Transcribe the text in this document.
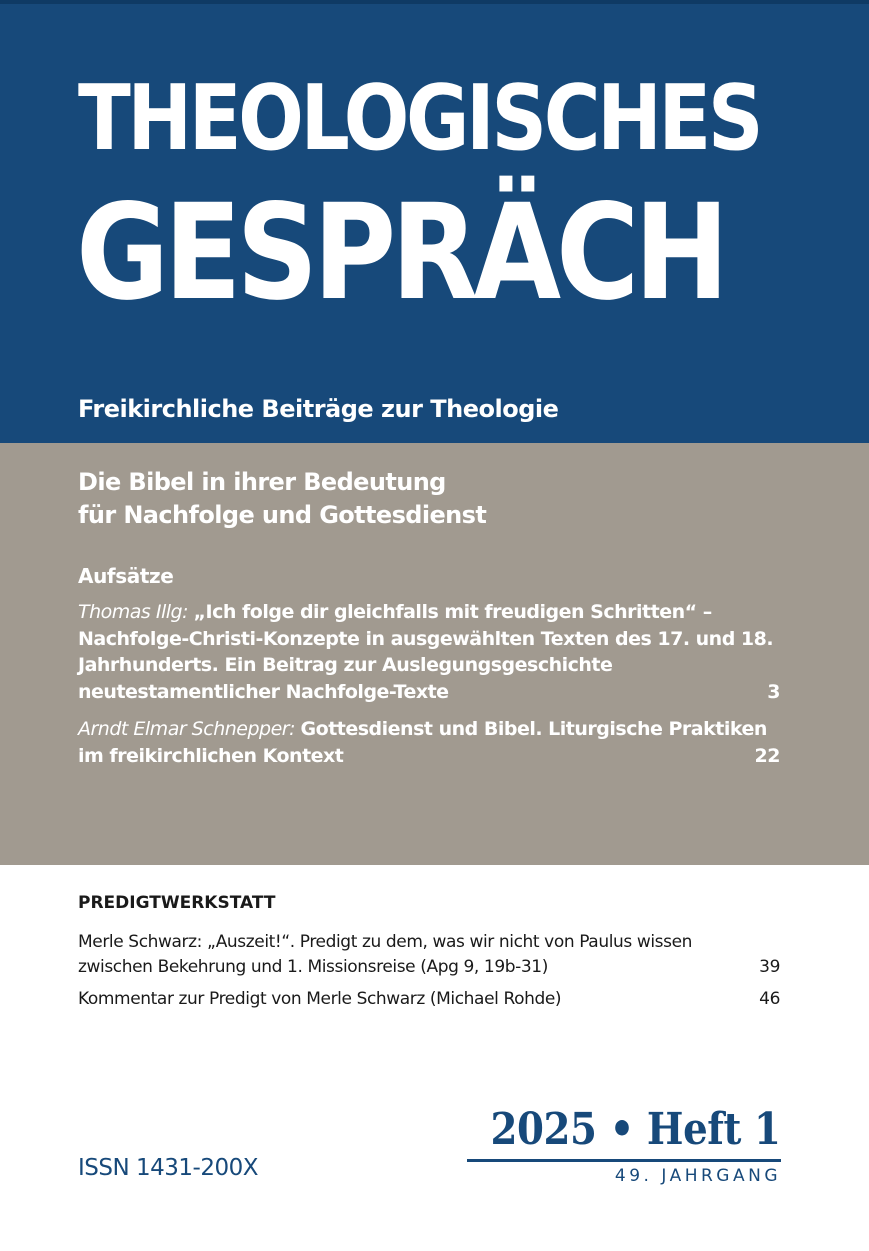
THEOLOGISCHES
GESPRÄCH
Freikirchliche Beiträge zur Theologie
Die Bibel in ihrer Bedeutung
für Nachfolge und Gottesdienst
Aufsätze
Thomas Illg: „Ich folge dir gleichfalls mit freudigen Schritten“ – Nachfolge-Christi-Konzepte in ausgewählten Texten des 17. und 18. Jahrhunderts. Ein Beitrag zur Auslegungsgeschichte neutestamentlicher Nachfolge-Texte	3
Arndt Elmar Schnepper: Gottesdienst und Bibel. Liturgische Praktiken im freikirchlichen Kontext	22
PREDIGTWERKSTATT
Merle Schwarz: „Auszeit!“. Predigt zu dem, was wir nicht von Paulus wissen zwischen Bekehrung und 1. Missionsreise (Apg 9, 19b-31)	39
Kommentar zur Predigt von Merle Schwarz (Michael Rohde)	46
2025 • Heft 1
49. JAHRGANG
ISSN 1431-200X
